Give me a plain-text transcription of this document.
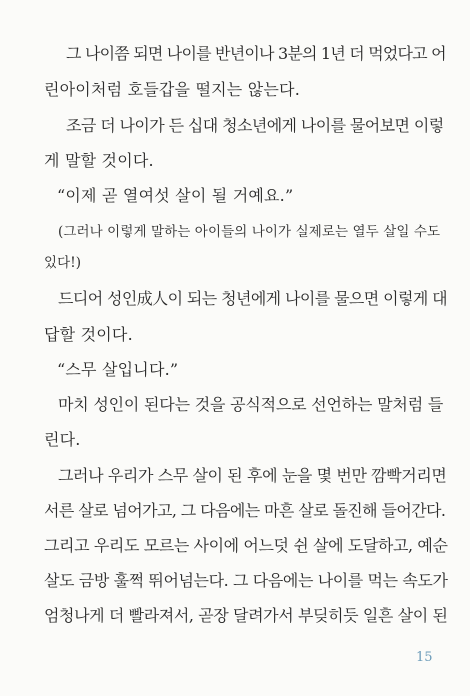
그 나이쯤 되면 나이를 반년이나 3분의 1년 더 먹었다고 어
린아이처럼 호들갑을 떨지는 않는다.
조금 더 나이가 든 십대 청소년에게 나이를 물어보면 이렇
게 말할 것이다.
“이제 곧 열여섯 살이 될 거예요.”
(그러나 이렇게 말하는 아이들의 나이가 실제로는 열두 살일 수도
있다!)
드디어 성인成人이 되는 청년에게 나이를 물으면 이렇게 대
답할 것이다.
“스무 살입니다.”
마치 성인이 된다는 것을 공식적으로 선언하는 말처럼 들
린다.
그러나 우리가 스무 살이 된 후에 눈을 몇 번만 깜빡거리면
서른 살로 넘어가고, 그 다음에는 마흔 살로 돌진해 들어간다.
그리고 우리도 모르는 사이에 어느덧 쉰 살에 도달하고, 예순
살도 금방 훌쩍 뛰어넘는다. 그 다음에는 나이를 먹는 속도가
엄청나게 더 빨라져서, 곧장 달려가서 부딪히듯 일흔 살이 된
15
